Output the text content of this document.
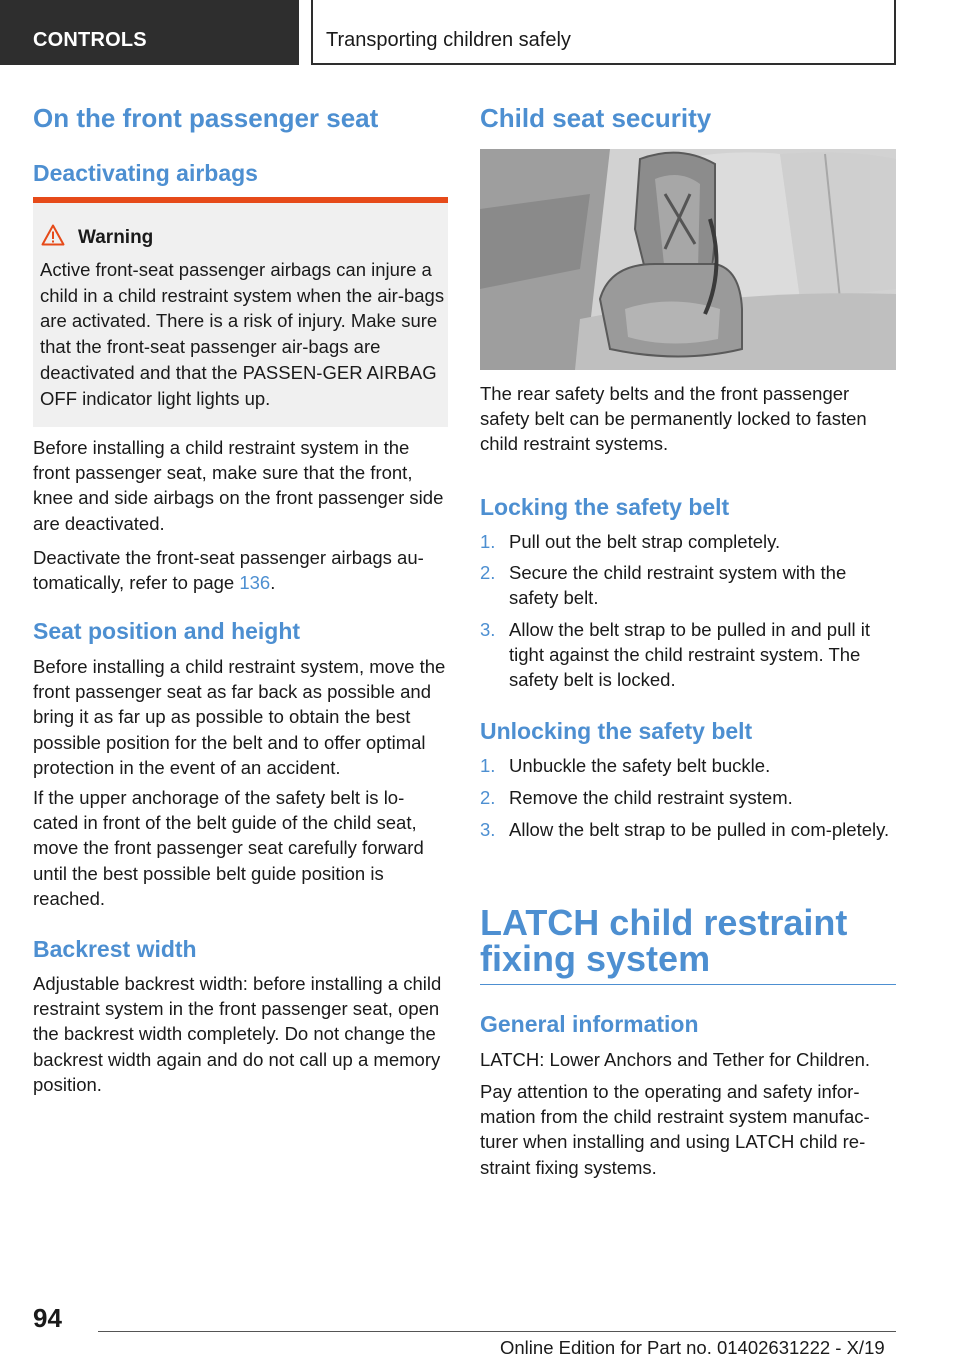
CONTROLS	Transporting children safely
On the front passenger seat
Deactivating airbags
Warning
Active front-seat passenger airbags can injure a child in a child restraint system when the air-bags are activated. There is a risk of injury. Make sure that the front-seat passenger air-bags are deactivated and that the PASSEN-GER AIRBAG OFF indicator light lights up.
Before installing a child restraint system in the front passenger seat, make sure that the front, knee and side airbags on the front passenger side are deactivated.
Deactivate the front-seat passenger airbags au-tomatically, refer to page 136.
Seat position and height
Before installing a child restraint system, move the front passenger seat as far back as possible and bring it as far up as possible to obtain the best possible position for the belt and to offer optimal protection in the event of an accident.
If the upper anchorage of the safety belt is lo-cated in front of the belt guide of the child seat, move the front passenger seat carefully forward until the best possible belt guide position is reached.
Backrest width
Adjustable backrest width: before installing a child restraint system in the front passenger seat, open the backrest width completely. Do not change the backrest width again and do not call up a memory position.
Child seat security
The rear safety belts and the front passenger safety belt can be permanently locked to fasten child restraint systems.
Locking the safety belt
1. Pull out the belt strap completely.
2. Secure the child restraint system with the safety belt.
3. Allow the belt strap to be pulled in and pull it tight against the child restraint system. The safety belt is locked.
Unlocking the safety belt
1. Unbuckle the safety belt buckle.
2. Remove the child restraint system.
3. Allow the belt strap to be pulled in com-pletely.
LATCH child restraint fixing system
General information
LATCH: Lower Anchors and Tether for Children.
Pay attention to the operating and safety infor-mation from the child restraint system manufac-turer when installing and using LATCH child re-straint fixing systems.
94
Online Edition for Part no. 01402631222 - X/19
